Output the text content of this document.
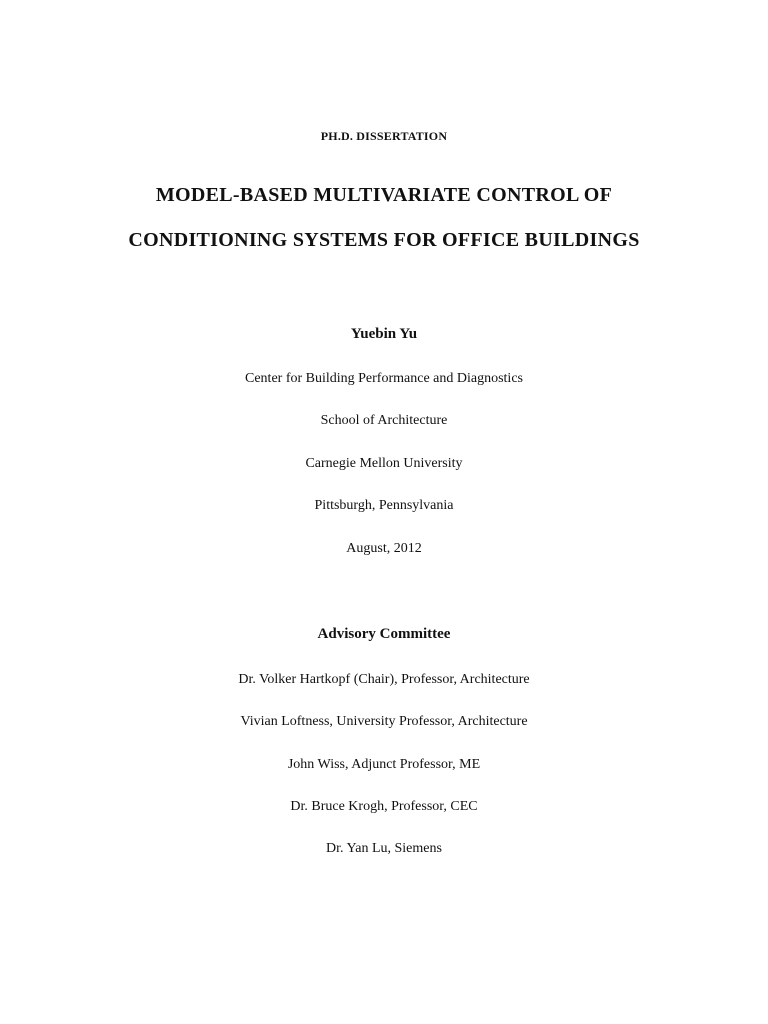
PH.D. DISSERTATION
MODEL-BASED MULTIVARIATE CONTROL OF
CONDITIONING SYSTEMS FOR OFFICE BUILDINGS
Yuebin Yu
Center for Building Performance and Diagnostics
School of Architecture
Carnegie Mellon University
Pittsburgh, Pennsylvania
August, 2012
Advisory Committee
Dr. Volker Hartkopf (Chair), Professor, Architecture
Vivian Loftness, University Professor, Architecture
John Wiss, Adjunct Professor, ME
Dr. Bruce Krogh, Professor, CEC
Dr. Yan Lu, Siemens
